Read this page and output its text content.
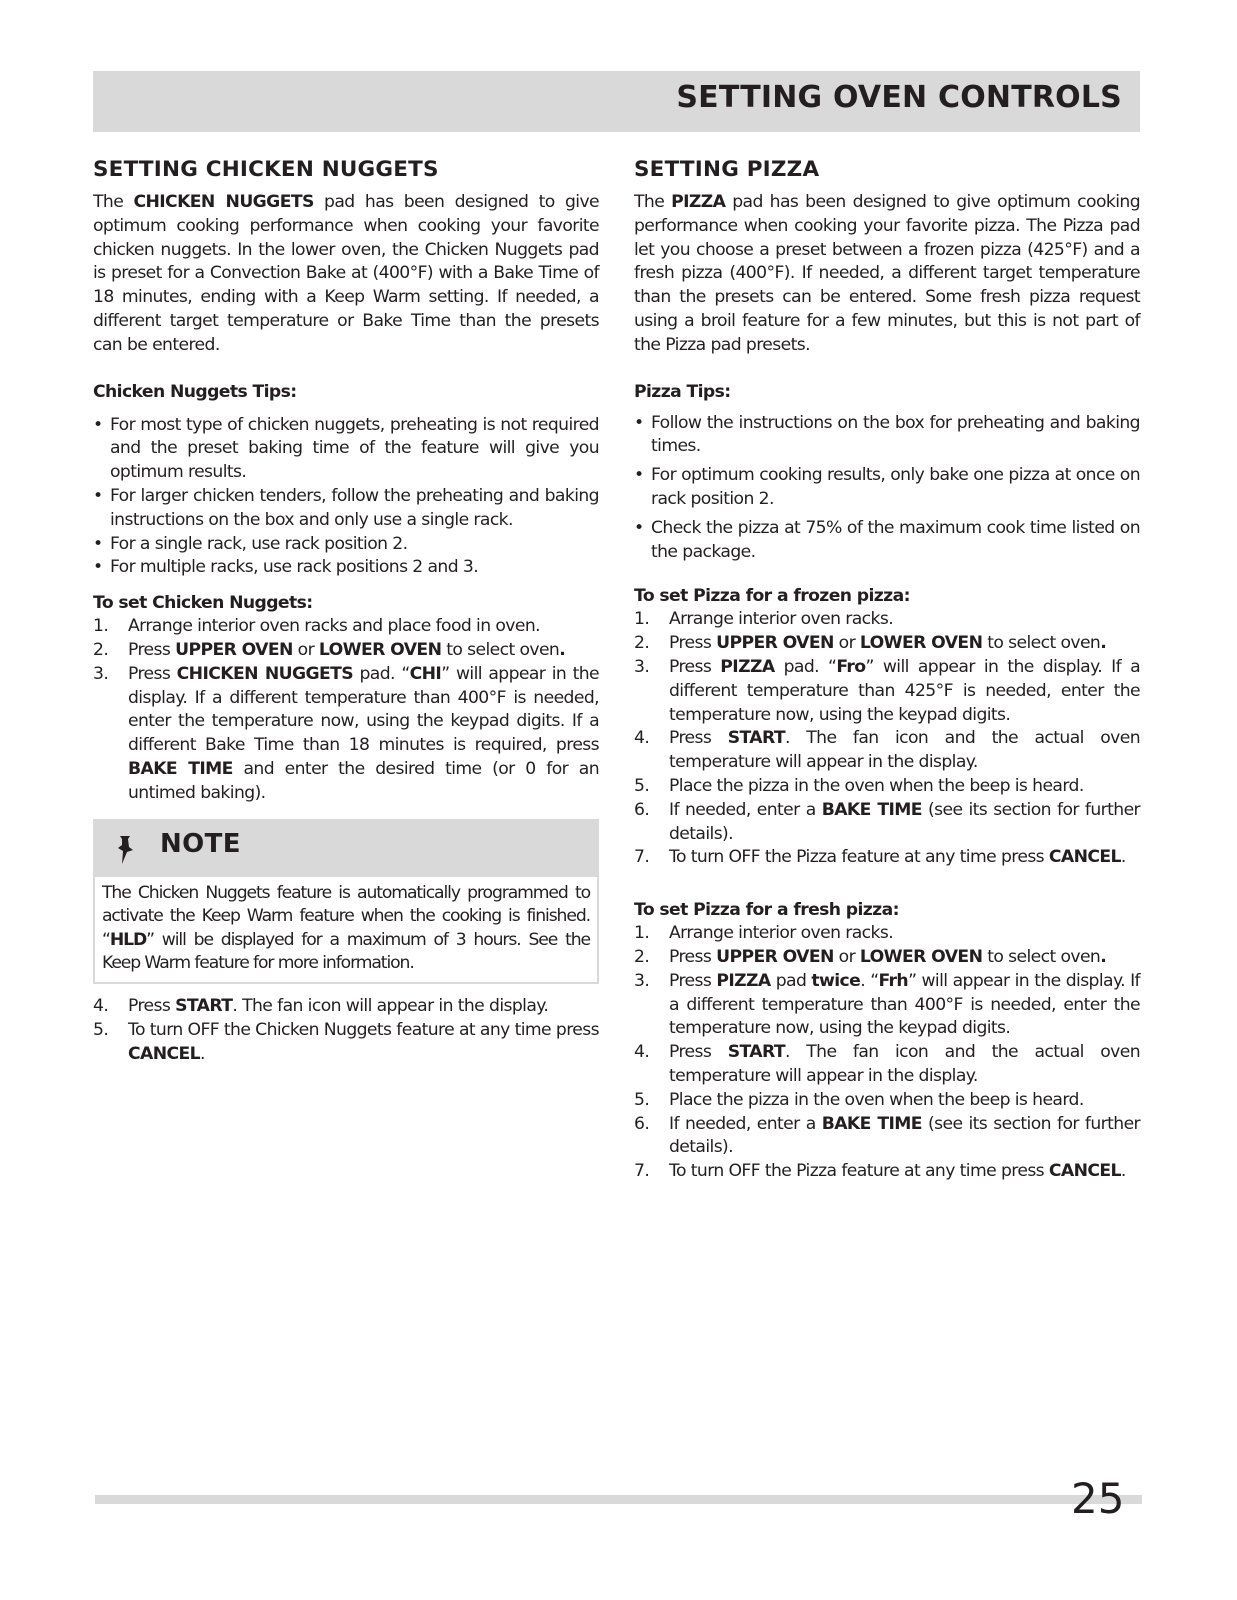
SETTING OVEN CONTROLS
SETTING CHICKEN NUGGETS

The CHICKEN NUGGETS pad has been designed to give optimum cooking performance when cooking your favorite chicken nuggets. In the lower oven, the Chicken Nuggets pad is preset for a Convection Bake at (400°F) with a Bake Time of 18 minutes, ending with a Keep Warm setting. If needed, a different target temperature or Bake Time than the presets can be entered.

Chicken Nuggets Tips:
• For most type of chicken nuggets, preheating is not required and the preset baking time of the feature will give you optimum results.
• For larger chicken tenders, follow the preheating and baking instructions on the box and only use a single rack.
• For a single rack, use rack position 2.
• For multiple racks, use rack positions 2 and 3.
To set Chicken Nuggets:
1. Arrange interior oven racks and place food in oven.
2. Press UPPER OVEN or LOWER OVEN to select oven.
3. Press CHICKEN NUGGETS pad. “CHI” will appear in the display. If a different temperature than 400°F is needed, enter the temperature now, using the keypad digits. If a different Bake Time than 18 minutes is required, press BAKE TIME and enter the desired time (or 0 for an untimed baking).
NOTE
The Chicken Nuggets feature is automatically programmed to activate the Keep Warm feature when the cooking is finished. “HLD” will be displayed for a maximum of 3 hours. See the Keep Warm feature for more information.
4. Press START. The fan icon will appear in the display.
5. To turn OFF the Chicken Nuggets feature at any time press CANCEL.
SETTING PIZZA

The PIZZA pad has been designed to give optimum cooking performance when cooking your favorite pizza. The Pizza pad let you choose a preset between a frozen pizza (425°F) and a fresh pizza (400°F). If needed, a different target temperature than the presets can be entered. Some fresh pizza request using a broil feature for a few minutes, but this is not part of the Pizza pad presets.

Pizza Tips:
• Follow the instructions on the box for preheating and baking times.
• For optimum cooking results, only bake one pizza at once on rack position 2.
• Check the pizza at 75% of the maximum cook time listed on the package.
To set Pizza for a frozen pizza:
1. Arrange interior oven racks.
2. Press UPPER OVEN or LOWER OVEN to select oven.
3. Press PIZZA pad. “Fro” will appear in the display. If a different temperature than 425°F is needed, enter the temperature now, using the keypad digits.
4. Press START. The fan icon and the actual oven temperature will appear in the display.
5. Place the pizza in the oven when the beep is heard.
6. If needed, enter a BAKE TIME (see its section for further details).
7. To turn OFF the Pizza feature at any time press CANCEL.
To set Pizza for a fresh pizza:
1. Arrange interior oven racks.
2. Press UPPER OVEN or LOWER OVEN to select oven.
3. Press PIZZA pad twice. “Frh” will appear in the display. If a different temperature than 400°F is needed, enter the temperature now, using the keypad digits.
4. Press START. The fan icon and the actual oven temperature will appear in the display.
5. Place the pizza in the oven when the beep is heard.
6. If needed, enter a BAKE TIME (see its section for further details).
7. To turn OFF the Pizza feature at any time press CANCEL.
25
